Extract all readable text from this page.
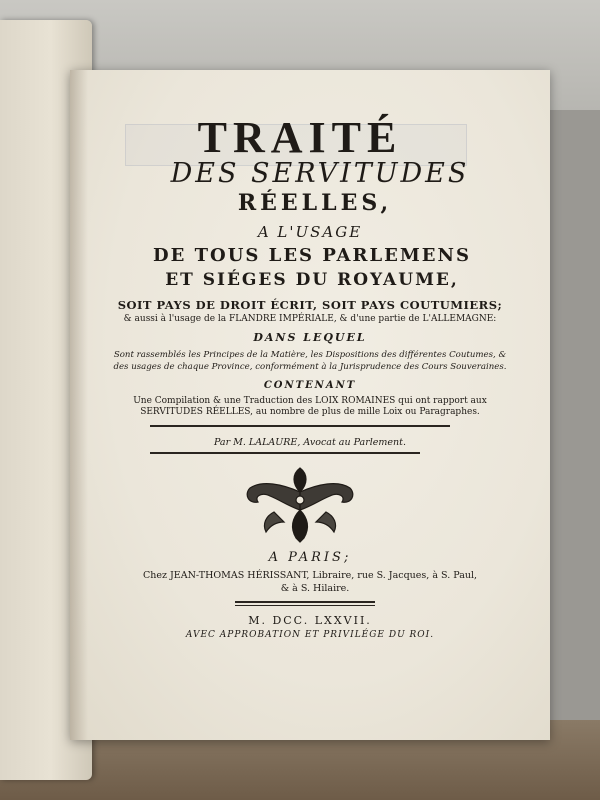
TRAITÉ
DES SERVITUDES
RÉELLES,
A L'USAGE
DE TOUS LES PARLEMENS
ET SIÉGES DU ROYAUME,
SOIT PAYS DE DROIT ÉCRIT, SOIT PAYS COUTUMIERS;
& aussi à l'usage de la FLANDRE IMPÉRIALE, & d'une partie de L'ALLEMAGNE:
DANS LEQUEL
Sont rassemblés les Principes de la Matière, les Dispositions des différentes Coutumes, &
des usages de chaque Province, conformément à la Jurisprudence des Cours Souveraines.
CONTENANT
Une Compilation & une Traduction des LOIX ROMAINES qui ont rapport aux
SERVITUDES RÉELLES, au nombre de plus de mille Loix ou Paragraphes.
Par M. LALAURE, Avocat au Parlement.
A PARIS;
Chez JEAN-THOMAS HÉRISSANT, Libraire, rue S. Jacques, à S. Paul,
& à S. Hilaire.
M. DCC. LXXVII.
AVEC APPROBATION ET PRIVILÉGE DU ROI.
